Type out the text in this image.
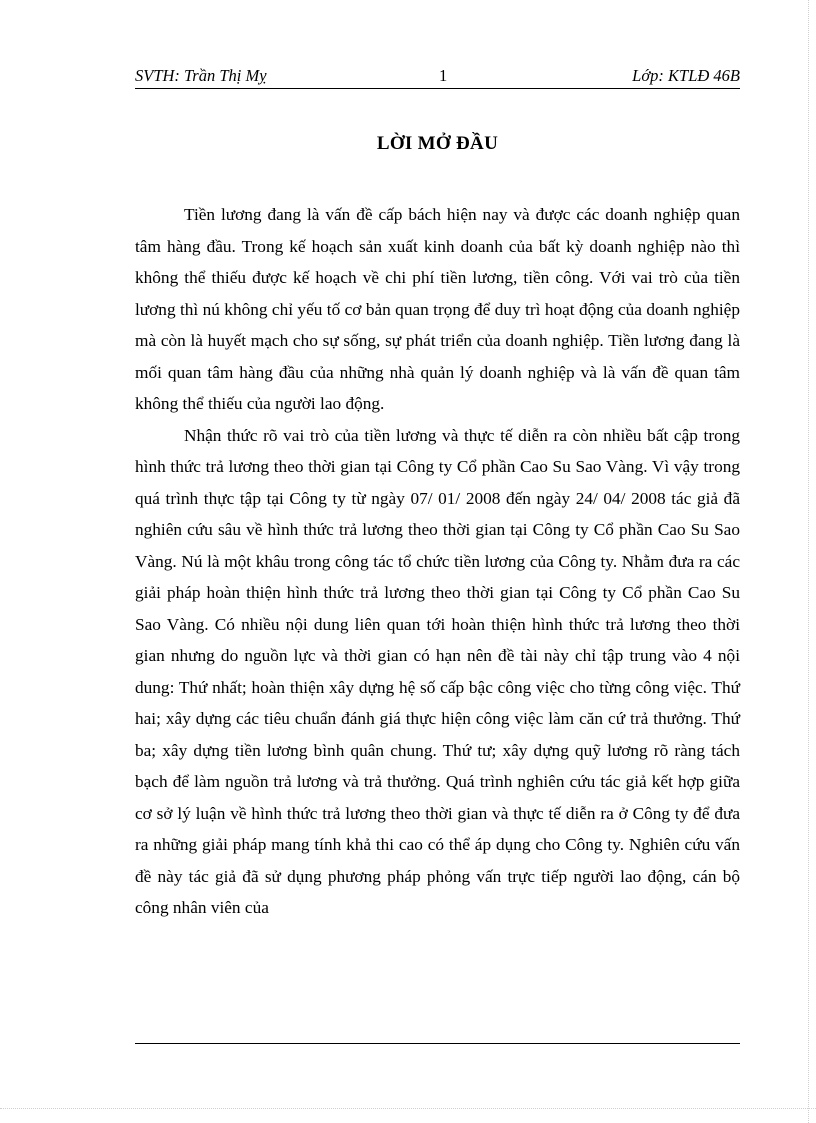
SVTH: Trần Thị Mỵ	1	Lớp: KTLĐ 46B
LỜI MỞ ĐẦU

Tiền lương đang là vấn đề cấp bách hiện nay và được các doanh nghiệp quan tâm hàng đầu. Trong kế hoạch sản xuất kinh doanh của bất kỳ doanh nghiệp nào thì không thể thiếu được kế hoạch về chi phí tiền lương, tiền công. Với vai trò của tiền lương thì nú không chỉ yếu tố cơ bản quan trọng để duy trì hoạt động của doanh nghiệp mà còn là huyết mạch cho sự sống, sự phát triển của doanh nghiệp. Tiền lương đang là mối quan tâm hàng đầu của những nhà quản lý doanh nghiệp và là vấn đề quan tâm không thể thiếu của người lao động.

Nhận thức rõ vai trò của tiền lương và thực tế diễn ra còn nhiều bất cập trong hình thức trả lương theo thời gian tại Công ty Cổ phần Cao Su Sao Vàng. Vì vậy trong quá trình thực tập tại Công ty từ ngày 07/ 01/ 2008 đến ngày 24/ 04/ 2008 tác giả đã nghiên cứu sâu về hình thức trả lương theo thời gian tại Công ty Cổ phần Cao Su Sao Vàng. Nú là một khâu trong công tác tổ chức tiền lương của Công ty. Nhằm đưa ra các giải pháp hoàn thiện hình thức trả lương theo thời gian tại Công ty Cổ phần Cao Su Sao Vàng. Có nhiều nội dung liên quan tới hoàn thiện hình thức trả lương theo thời gian nhưng do nguồn lực và thời gian có hạn nên đề tài này chỉ tập trung vào 4 nội dung: Thứ nhất; hoàn thiện xây dựng hệ số cấp bậc công việc cho từng công việc. Thứ hai; xây dựng các tiêu chuẩn đánh giá thực hiện công việc làm căn cứ trả thưởng. Thứ ba; xây dựng tiền lương bình quân chung. Thứ tư; xây dựng quỹ lương rõ ràng tách bạch để làm nguồn trả lương và trả thưởng. Quá trình nghiên cứu tác giả kết hợp giữa cơ sở lý luận về hình thức trả lương theo thời gian và thực tế diễn ra ở Công ty để đưa ra những giải pháp mang tính khả thi cao có thể áp dụng cho Công ty. Nghiên cứu vấn đề này tác giả đã sử dụng phương pháp phỏng vấn trực tiếp người lao động, cán bộ công nhân viên của
